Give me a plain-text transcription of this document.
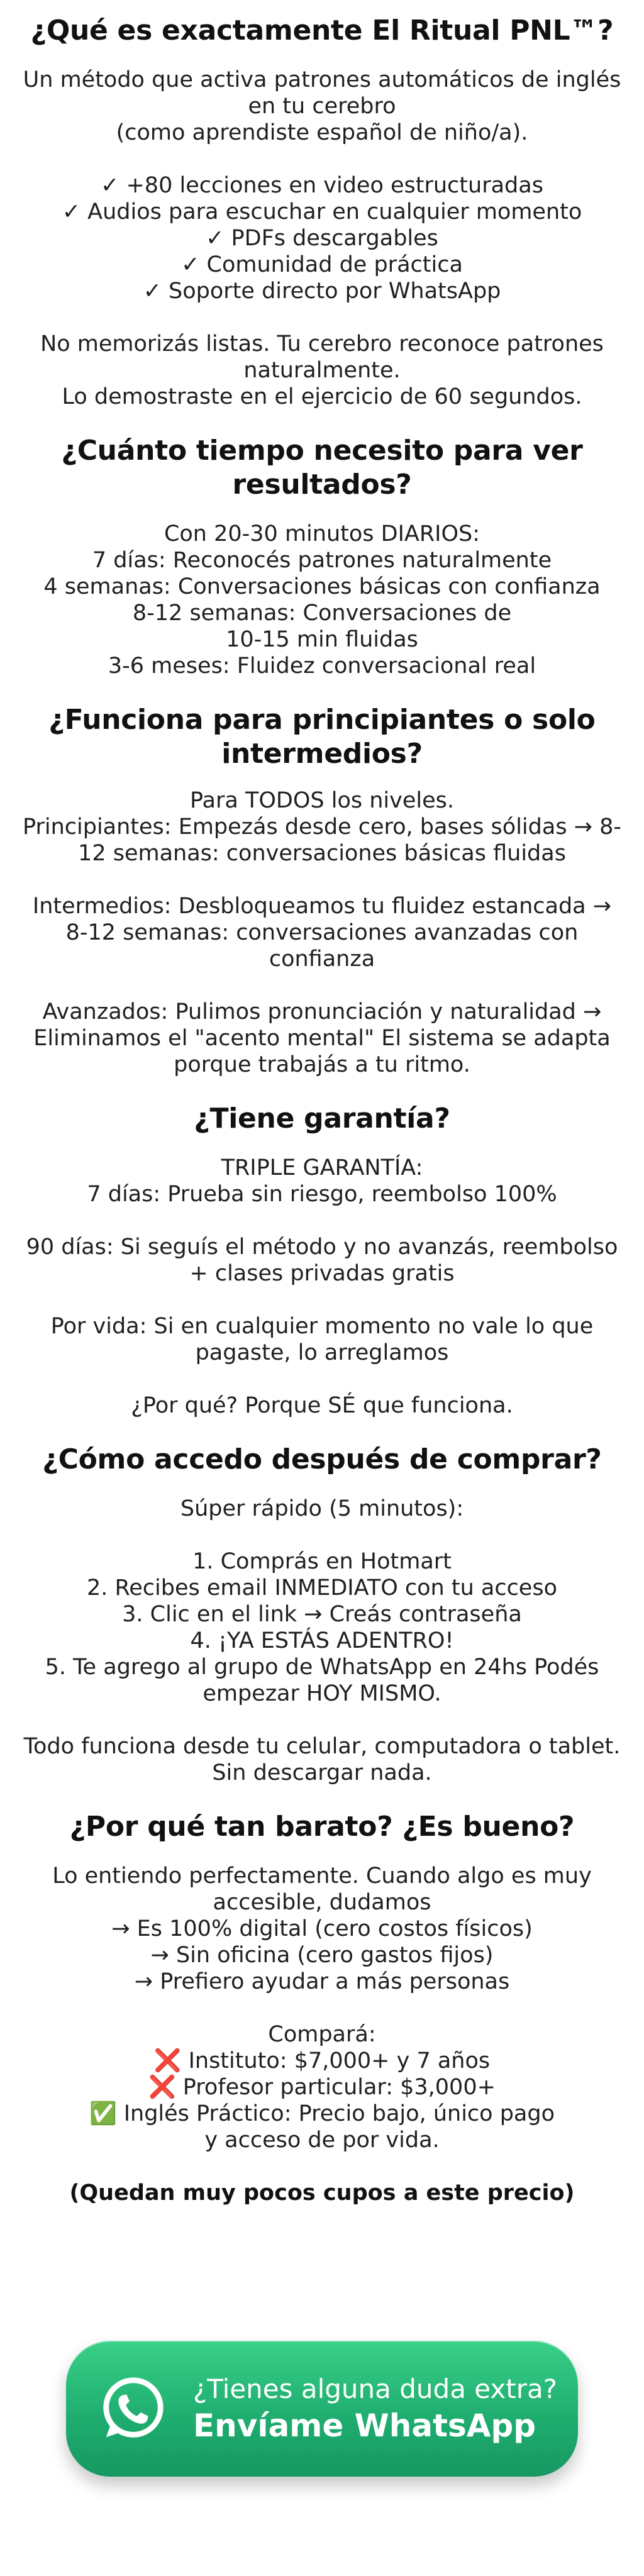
¿Qué es exactamente El Ritual PNL™?

Un método que activa patrones automáticos de inglés en tu cerebro

(como aprendiste español de niño/a).

✓ +80 lecciones en video estructuradas

✓ Audios para escuchar en cualquier momento

✓ PDFs descargables

✓ Comunidad de práctica

✓ Soporte directo por WhatsApp

No memorizás listas. Tu cerebro reconoce patrones naturalmente.

Lo demostraste en el ejercicio de 60 segundos.

¿Cuánto tiempo necesito para ver resultados?

Con 20-30 minutos DIARIOS:

7 días: Reconocés patrones naturalmente

4 semanas: Conversaciones básicas con confianza

8-12 semanas: Conversaciones de

10-15 min fluidas

3-6 meses: Fluidez conversacional real

¿Funciona para principiantes o solo intermedios?

Para TODOS los niveles.

Principiantes: Empezás desde cero, bases sólidas → 8-12 semanas: conversaciones básicas fluidas

Intermedios: Desbloqueamos tu fluidez estancada → 8-12 semanas: conversaciones avanzadas con confianza

Avanzados: Pulimos pronunciación y naturalidad → Eliminamos el "acento mental" El sistema se adapta porque trabajás a tu ritmo.

¿Tiene garantía?

TRIPLE GARANTÍA:

7 días: Prueba sin riesgo, reembolso 100%

90 días: Si seguís el método y no avanzás, reembolso + clases privadas gratis

Por vida: Si en cualquier momento no vale lo que pagaste, lo arreglamos

¿Por qué? Porque SÉ que funciona.

¿Cómo accedo después de comprar?

Súper rápido (5 minutos):

1. Comprás en Hotmart

2. Recibes email INMEDIATO con tu acceso

3. Clic en el link → Creás contraseña

4. ¡YA ESTÁS ADENTRO!

5. Te agrego al grupo de WhatsApp en 24hs Podés empezar HOY MISMO.

Todo funciona desde tu celular, computadora o tablet. Sin descargar nada.

¿Por qué tan barato? ¿Es bueno?

Lo entiendo perfectamente. Cuando algo es muy accesible, dudamos

→ Es 100% digital (cero costos físicos)

→ Sin oficina (cero gastos fijos)

→ Prefiero ayudar a más personas

Compará:

❌ Instituto: $7,000+ y 7 años

❌ Profesor particular: $3,000+

✅ Inglés Práctico: Precio bajo, único pago

y acceso de por vida.

(Quedan muy pocos cupos a este precio)

¿Tienes alguna duda extra?
Envíame WhatsApp
